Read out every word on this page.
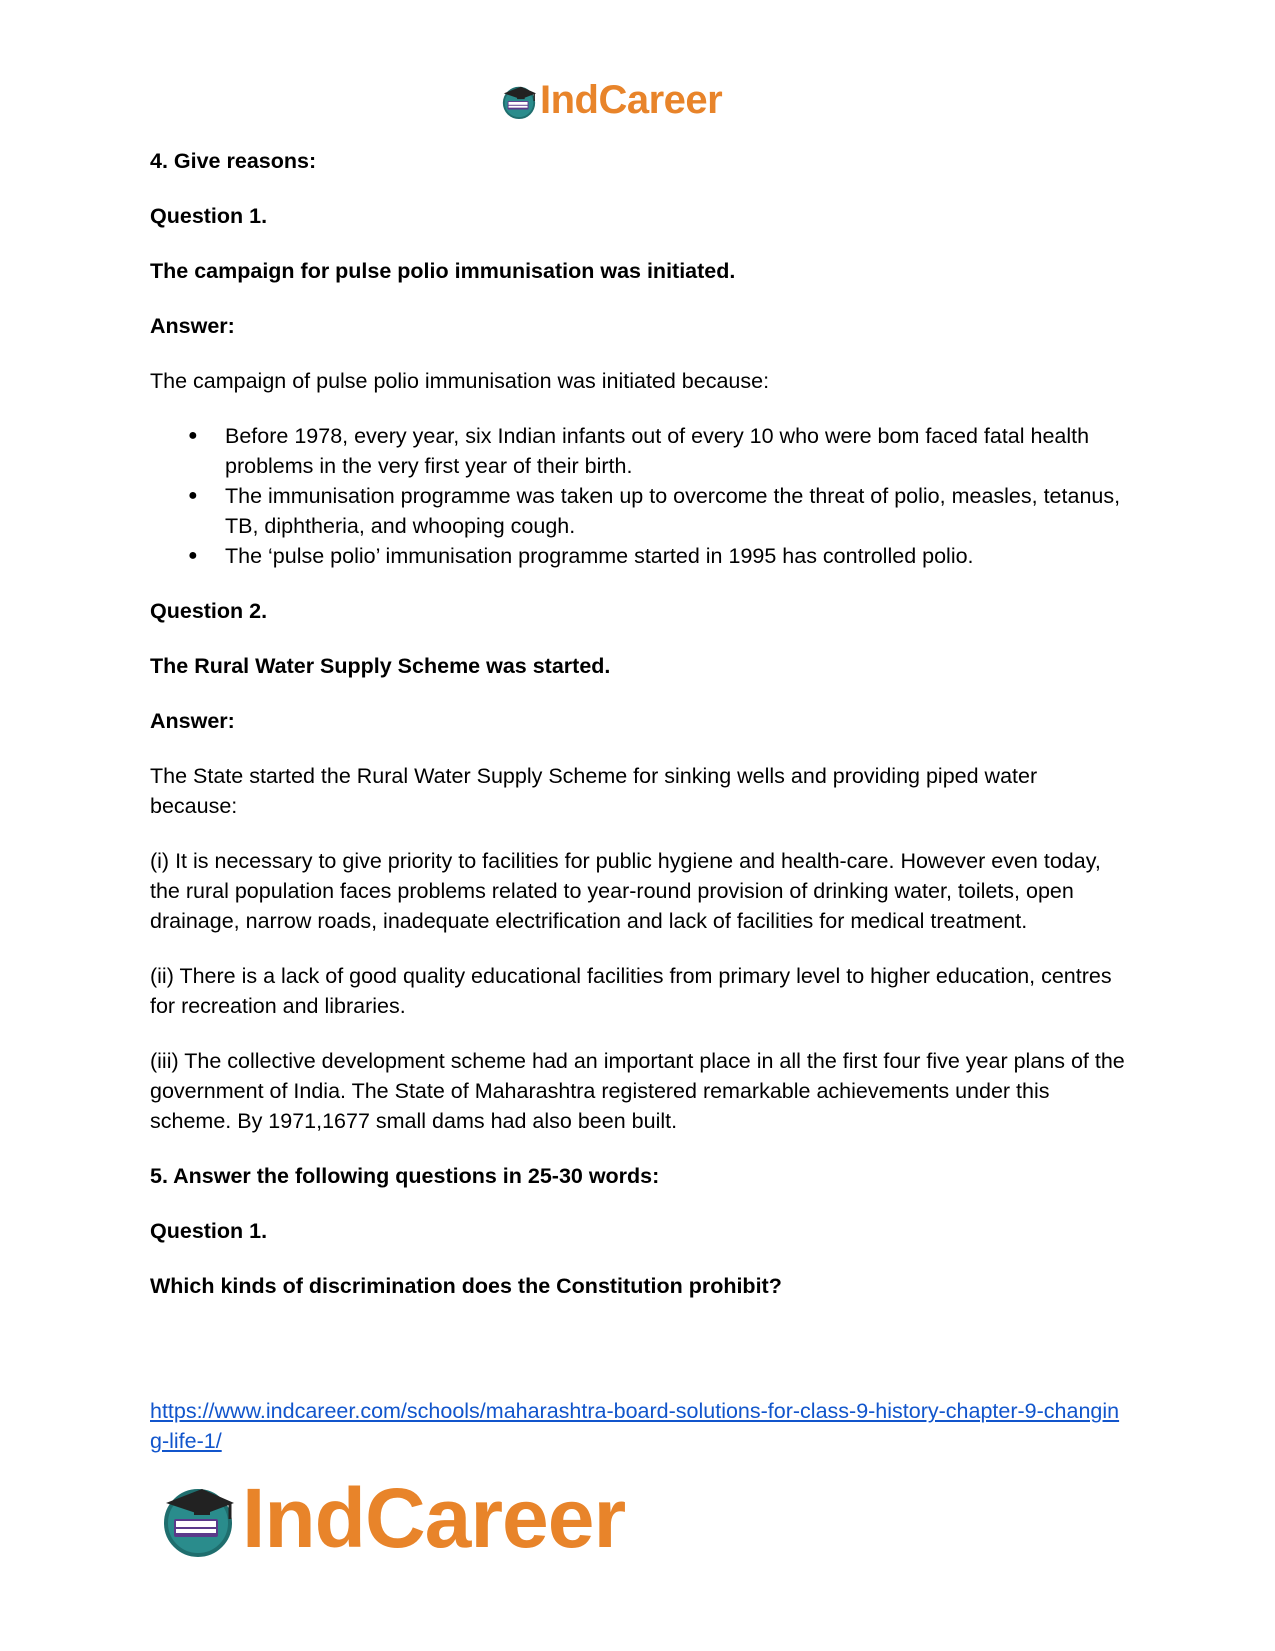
IndCareer

4. Give reasons:

Question 1.

The campaign for pulse polio immunisation was initiated.

Answer:

The campaign of pulse polio immunisation was initiated because:

● Before 1978, every year, six Indian infants out of every 10 who were bom faced fatal health problems in the very first year of their birth.
● The immunisation programme was taken up to overcome the threat of polio, measles, tetanus, TB, diphtheria, and whooping cough.
● The ‘pulse polio’ immunisation programme started in 1995 has controlled polio.

Question 2.

The Rural Water Supply Scheme was started.

Answer:

The State started the Rural Water Supply Scheme for sinking wells and providing piped water because:

(i) It is necessary to give priority to facilities for public hygiene and health-care. However even today, the rural population faces problems related to year-round provision of drinking water, toilets, open drainage, narrow roads, inadequate electrification and lack of facilities for medical treatment.

(ii) There is a lack of good quality educational facilities from primary level to higher education, centres for recreation and libraries.

(iii) The collective development scheme had an important place in all the first four five year plans of the government of India. The State of Maharashtra registered remarkable achievements under this scheme. By 1971,1677 small dams had also been built.

5. Answer the following questions in 25-30 words:

Question 1.

Which kinds of discrimination does the Constitution prohibit?

https://www.indcareer.com/schools/maharashtra-board-solutions-for-class-9-history-chapter-9-changing-life-1/
IndCareer
